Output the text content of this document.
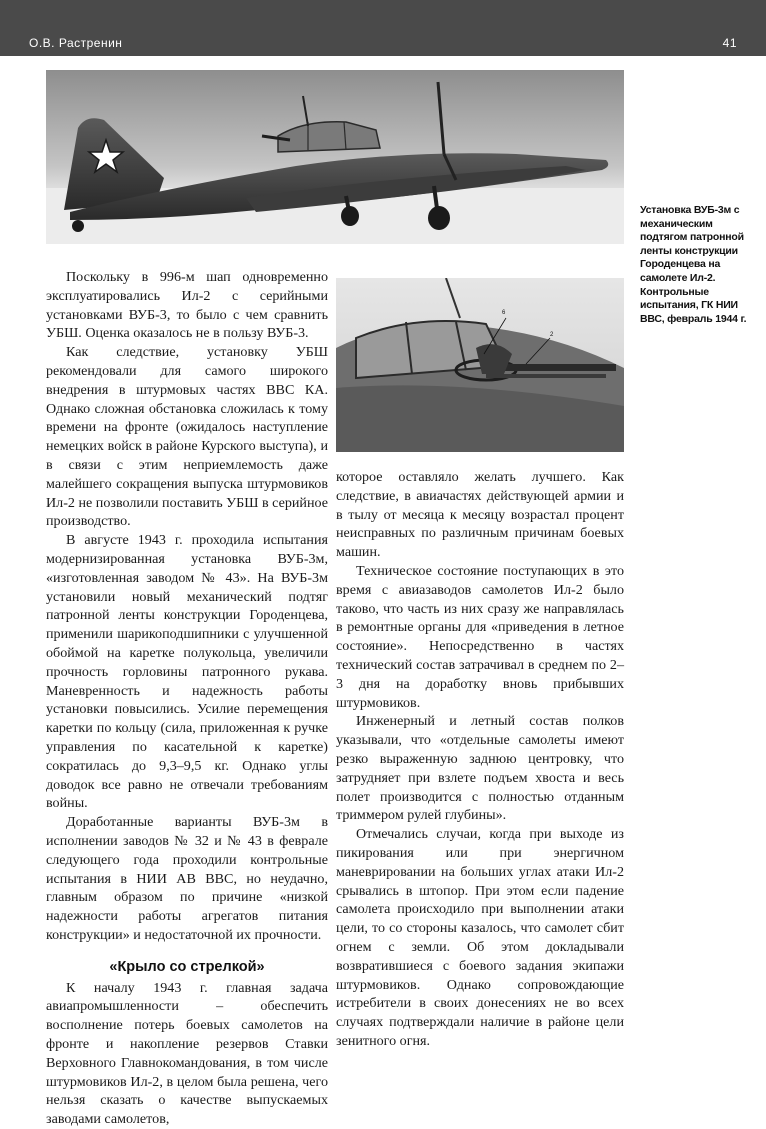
О.В. Растренин	41
6
2
Установка ВУБ-3м с механическим подтягом патронной ленты конструкции Городенцева на самолете Ил-2. Контрольные испытания, ГК НИИ ВВС, февраль 1944 г.

Поскольку в 996-м шап одновременно эксплуатировались Ил-2 с серийными установками ВУБ-3, то было с чем сравнить УБШ. Оценка оказалось не в пользу ВУБ-3.

Как следствие, установку УБШ рекомендовали для самого широкого внедрения в штурмовых частях ВВС КА. Однако сложная обстановка сложилась к тому времени на фронте (ожидалось наступление немецких войск в районе Курского выступа), и в связи с этим неприемлемость даже малейшего сокращения выпуска штурмовиков Ил-2 не позволили поставить УБШ в серийное производство.

В августе 1943 г. проходила испытания модернизированная установка ВУБ-3м, «изготовленная заводом № 43». На ВУБ-3м установили новый механический подтяг патронной ленты конструкции Городенцева, применили шарикоподшипники с улучшенной обоймой на каретке полукольца, увеличили прочность горловины патронного рукава. Маневренность и надежность работы установки повысились. Усилие перемещения каретки по кольцу (сила, приложенная к ручке управления по касательной к каретке) сократилась до 9,3–9,5 кг. Однако углы доводок все равно не отвечали требованиям войны.

Доработанные варианты ВУБ-3м в исполнении заводов № 32 и № 43 в феврале следующего года проходили контрольные испытания в НИИ АВ ВВС, но неудачно, главным образом по причине «низкой надежности работы агрегатов питания конструкции» и недостаточной их прочности.

«Крыло со стрелкой»

К началу 1943 г. главная задача авиапромышленности – обеспечить восполнение потерь боевых самолетов на фронте и накопление резервов Ставки Верховного Главнокомандования, в том числе штурмовиков Ил-2, в целом была решена, чего нельзя сказать о качестве выпускаемых заводами самолетов,

которое оставляло желать лучшего. Как следствие, в авиачастях действующей армии и в тылу от месяца к месяцу возрастал процент неисправных по различным причинам боевых машин.

Техническое состояние поступающих в это время с авиазаводов самолетов Ил-2 было таково, что часть из них сразу же направлялась в ремонтные органы для «приведения в летное состояние». Непосредственно в частях технический состав затрачивал в среднем по 2–3 дня на доработку вновь прибывших штурмовиков.

Инженерный и летный состав полков указывали, что «отдельные самолеты имеют резко выраженную заднюю центровку, что затрудняет при взлете подъем хвоста и весь полет производится с полностью отданным триммером рулей глубины».

Отмечались случаи, когда при выходе из пикирования или при энергичном маневрировании на больших углах атаки Ил-2 срывались в штопор. При этом если падение самолета происходило при выполнении атаки цели, то со стороны казалось, что самолет сбит огнем с земли. Об этом докладывали возвратившиеся с боевого задания экипажи штурмовиков. Однако сопровождающие истребители в своих донесениях не во всех случаях подтверждали наличие в районе цели зенитного огня.
